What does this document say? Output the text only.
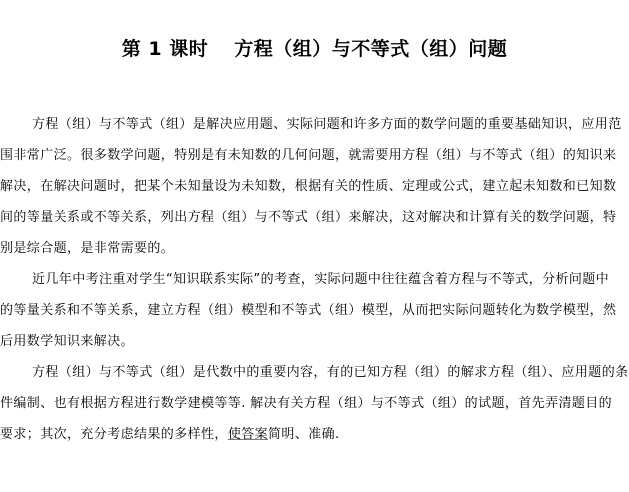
第 1 课时 方程（组）与不等式（组）问题
方程（组）与不等式（组）是解决应用题、实际问题和许多方面的数学问题的重要基础知识，应用范
围非常广泛。很多数学问题，特别是有未知数的几何问题，就需要用方程（组）与不等式（组）的知识来
解决，在解决问题时，把某个未知量设为未知数，根据有关的性质、定理或公式，建立起未知数和已知数
间的等量关系或不等关系，列出方程（组）与不等式（组）来解决，这对解决和计算有关的数学问题，特
别是综合题，是非常需要的。
近几年中考注重对学生“知识联系实际”的考查，实际问题中往往蕴含着方程与不等式，分析问题中
的等量关系和不等关系，建立方程（组）模型和不等式（组）模型，从而把实际问题转化为数学模型，然
后用数学知识来解决。
方程（组）与不等式（组）是代数中的重要内容，有的已知方程（组）的解求方程（组）、应用题的条
件编制、也有根据方程进行数学建模等等. 解决有关方程（组）与不等式（组）的试题，首先弄清题目的
要求；其次，充分考虑结果的多样性，使答案简明、准确.
